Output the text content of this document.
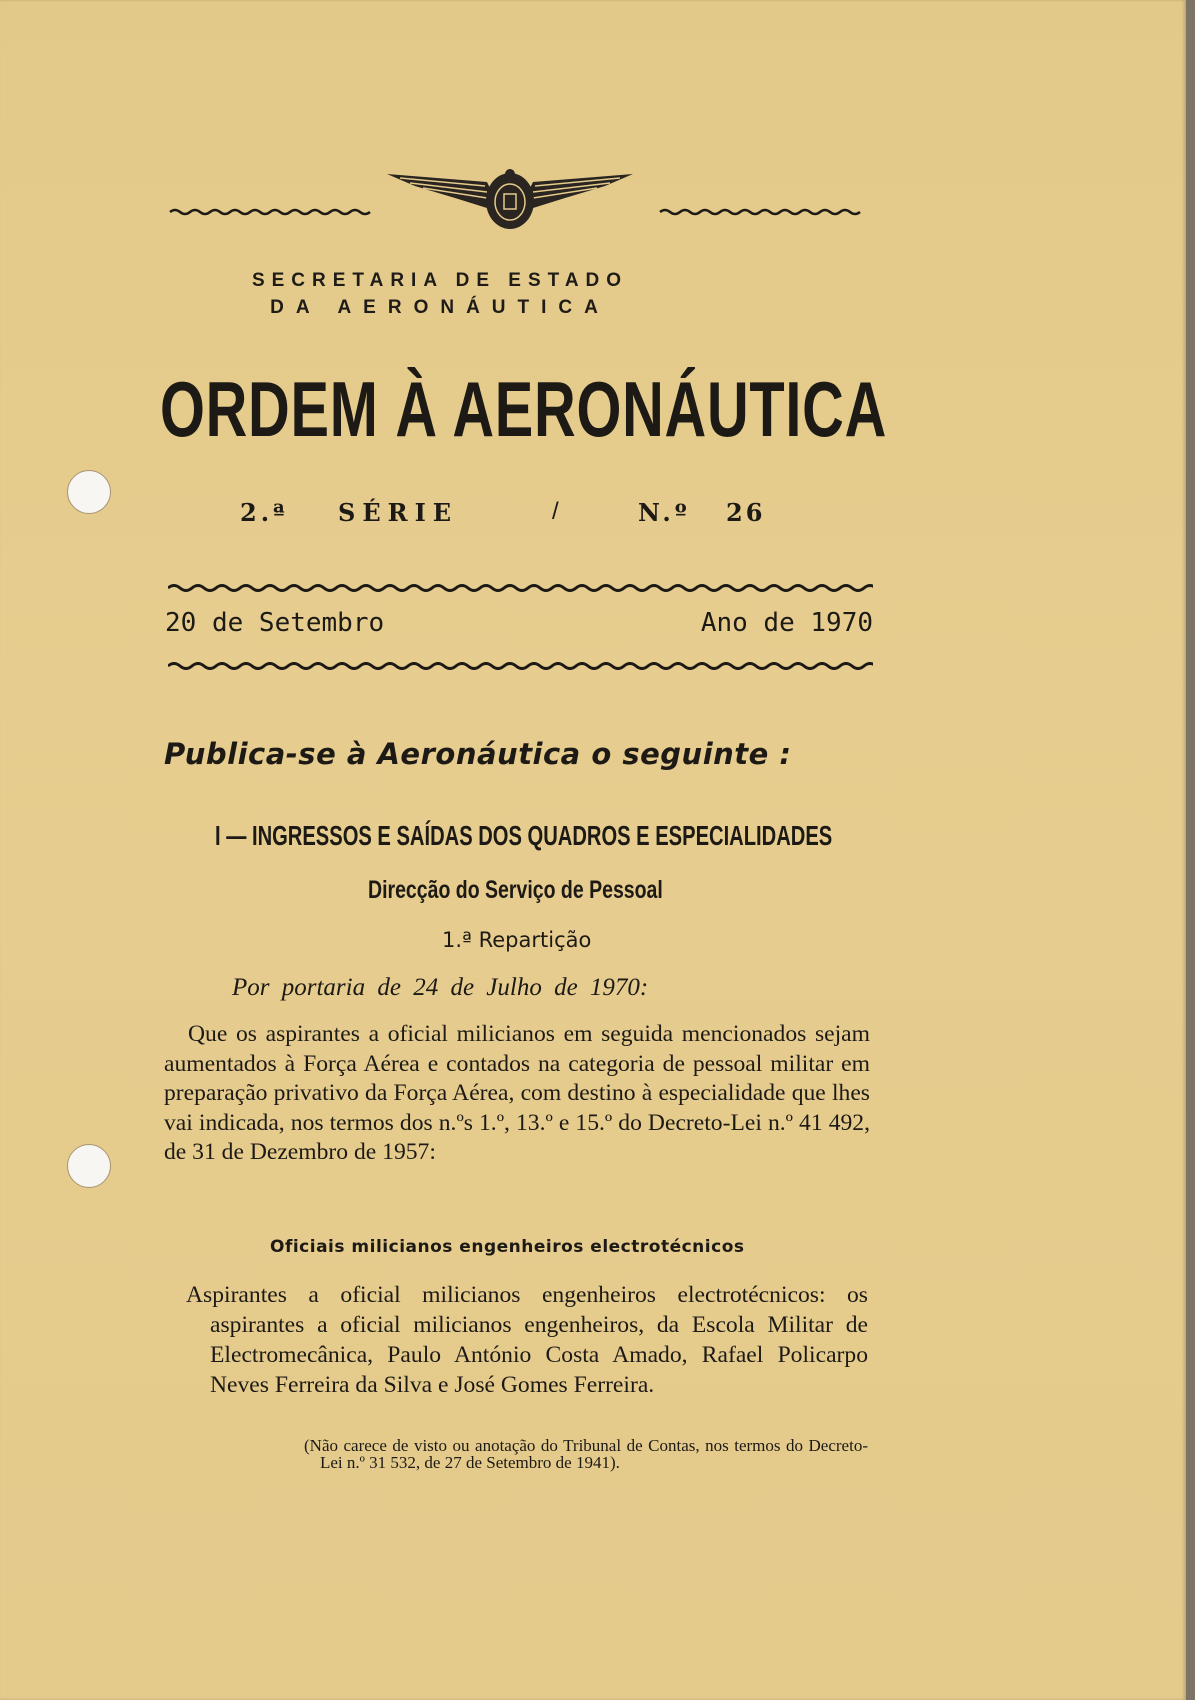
SECRETARIA DE ESTADO
DA AERONÁUTICA
ORDEM À AERONÁUTICA
2.ª SÉRIE	/	N.º 26
20 de Setembro	Ano de 1970
Publica-se à Aeronáutica o seguinte :
I — INGRESSOS E SAÍDAS DOS QUADROS E ESPECIALIDADES
Direcção do Serviço de Pessoal
1.ª Repartição
Por portaria de 24 de Julho de 1970:
Que os aspirantes a oficial milicianos em seguida mencionados sejam aumentados à Força Aérea e contados na categoria de pessoal militar em preparação privativo da Força Aérea, com destino à especialidade que lhes vai indicada, nos termos dos n.ºs 1.º, 13.º e 15.º do Decreto-Lei n.º 41 492, de 31 de Dezembro de 1957:
Oficiais milicianos engenheiros electrotécnicos
Aspirantes a oficial milicianos engenheiros electrotécnicos: os aspirantes a oficial milicianos engenheiros, da Escola Militar de Electromecânica, Paulo António Costa Amado, Rafael Policarpo Neves Ferreira da Silva e José Gomes Ferreira.
(Não carece de visto ou anotação do Tribunal de Contas, nos termos do Decreto-Lei n.º 31 532, de 27 de Setembro de 1941).
